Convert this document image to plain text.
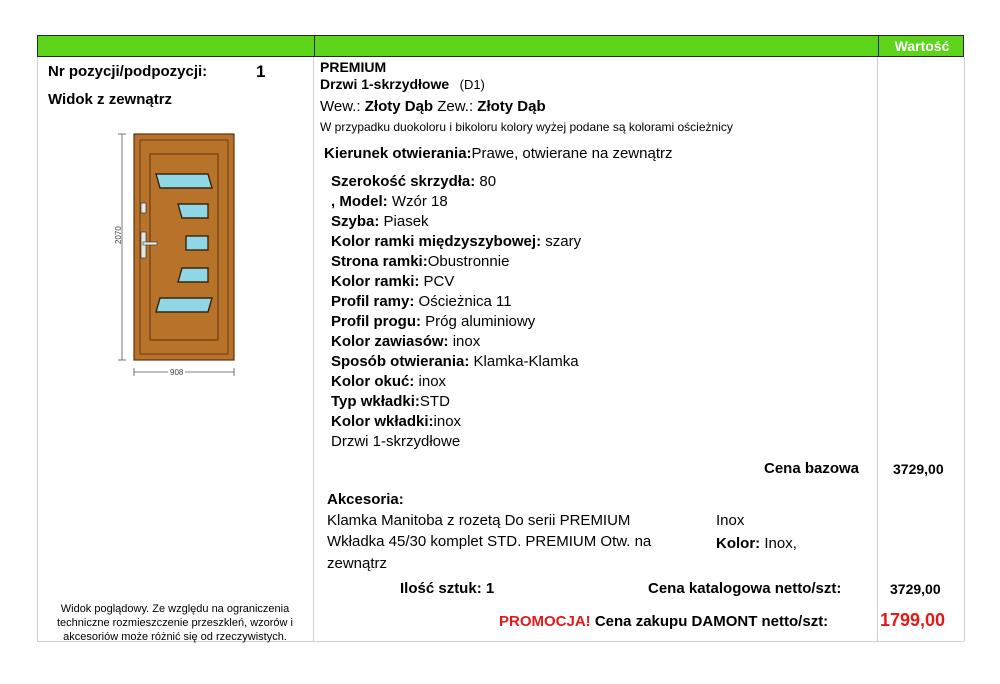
Wartość
Nr pozycji/podpozycji:	1
Widok z zewnątrz
2070
908
Widok poglądowy. Ze względu na ograniczenia
techniczne rozmieszczenie przeszkleń, wzorów i
akcesoriów może różnić się od rzeczywistych.
PREMIUM
Drzwi 1-skrzydłowe (D1)
Wew.: Złoty Dąb Zew.: Złoty Dąb
W przypadku duokoloru i bikoloru kolory wyżej podane są kolorami ościeżnicy
Kierunek otwierania:Prawe, otwierane na zewnątrz
Szerokość skrzydła: 80
, Model: Wzór 18
Szyba: Piasek
Kolor ramki międzyszybowej: szary
Strona ramki:Obustronnie
Kolor ramki: PCV
Profil ramy: Ościeżnica 11
Profil progu: Próg aluminiowy
Kolor zawiasów: inox
Sposób otwierania: Klamka-Klamka
Kolor okuć: inox
Typ wkładki:STD
Kolor wkładki:inox
Drzwi 1-skrzydłowe
Cena bazowa 3729,00
Akcesoria:
Klamka Manitoba z rozetą Do serii PREMIUM	Inox
Wkładka 45/30 komplet STD. PREMIUM Otw. na
zewnątrz
Kolor: Inox,
Ilość sztuk: 1	Cena katalogowa netto/szt:	3729,00
PROMOCJA! Cena zakupu DAMONT netto/szt:	1799,00
